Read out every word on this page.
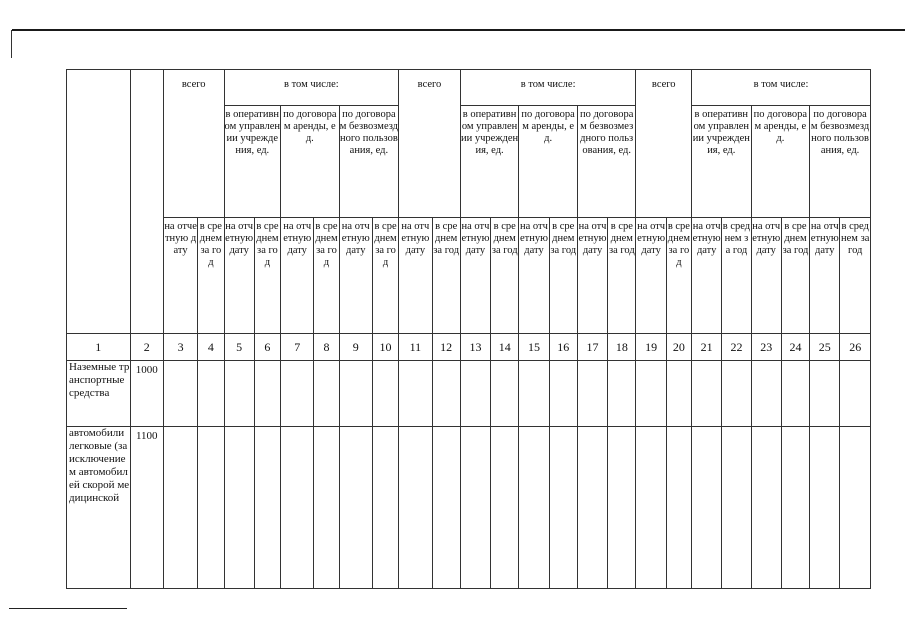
		всего		в том числе:						всего		в том числе:						всего		в том числе:					
				в оперативном управлении учреждения, ед.		по договорам аренды, ед.		по договорам безвозмездного пользования, ед.				в оперативном управлении учреждения, ед.		по договорам аренды, ед.		по договорам безвозмездного пользования, ед.				в оперативном управлении учреждения, ед.		по договорам аренды, ед.		по договорам безвозмездного пользования, ед.	
		на отчетную дату	в среднем за год	на отчетную дату	в среднем за год	на отчетную дату	в среднем за год	на отчетную дату	в среднем за год	на отчетную дату	в среднем за год	на отчетную дату	в среднем за год	на отчетную дату	в среднем за год	на отчетную дату	в среднем за год	на отчетную дату	в среднем за год	на отчетную дату	в среднем за год	на отчетную дату	в среднем за год	на отчетную дату	в среднем за год
1	2	3	4	5	6	7	8	9	10	11	12	13	14	15	16	17	18	19	20	21	22	23	24	25	26
Наземные транспортные средства	1000																								
автомобили легковые (за исключением автомобилей скорой медицинской	1100																								
